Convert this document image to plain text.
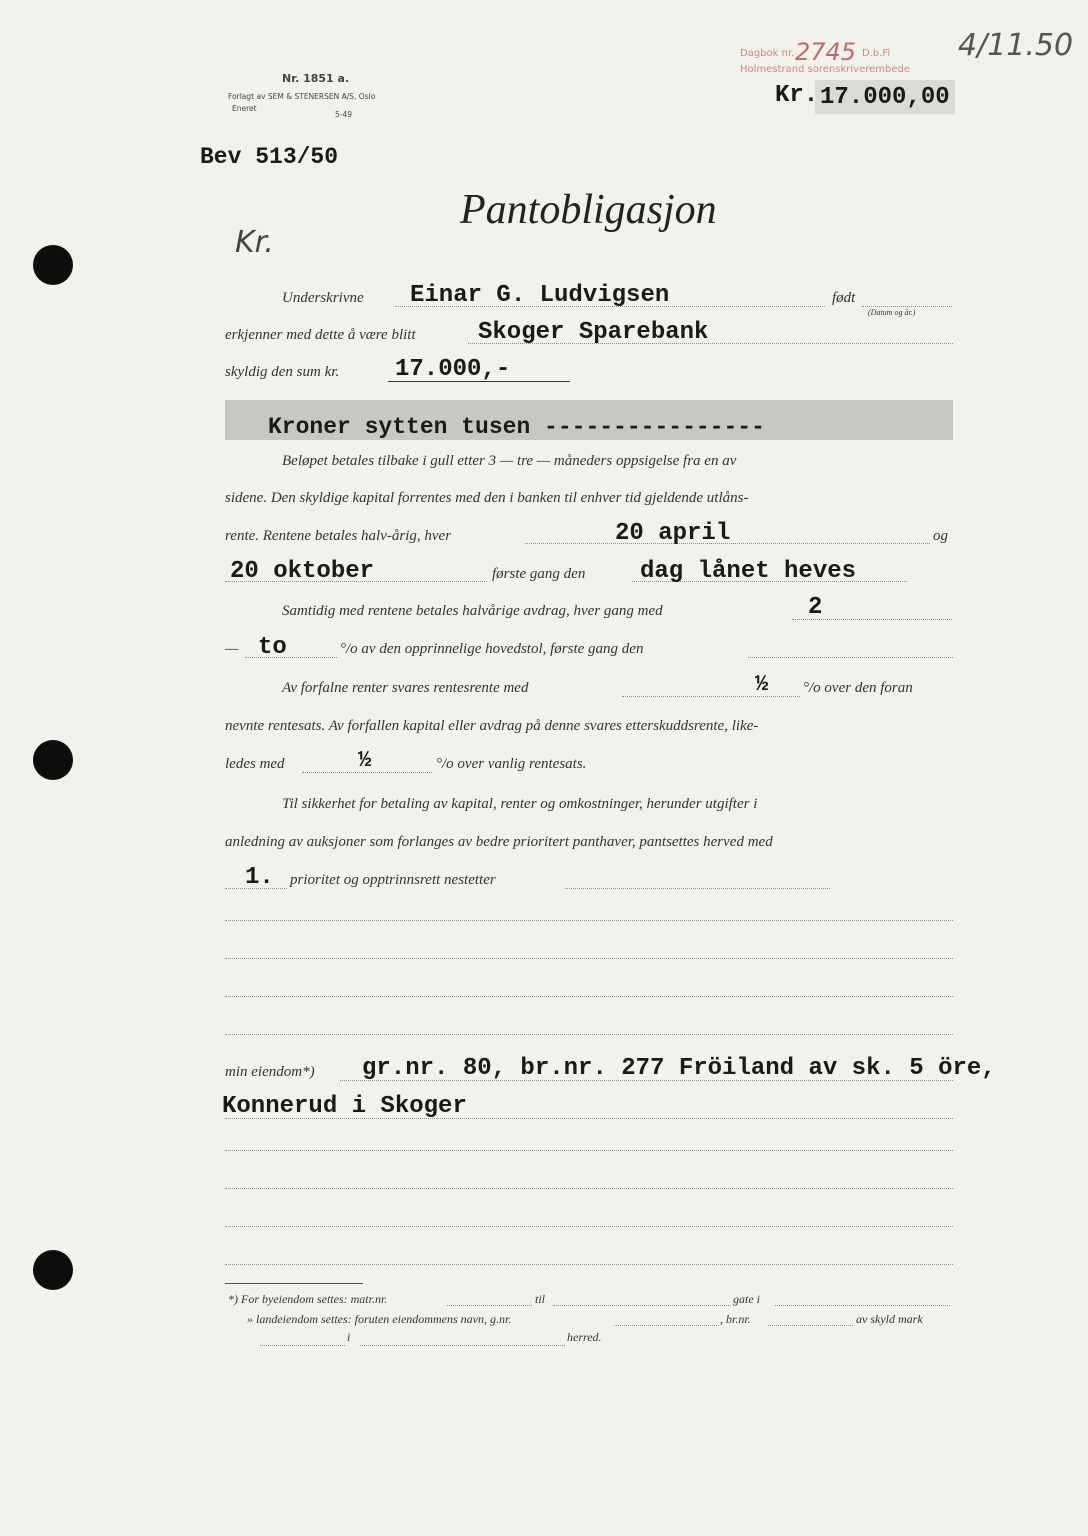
Nr. 1851 a.
Forlagt av SEM & STENERSEN A/S, Oslo
Eneret
5-49
Dagbok nr. 2745 D.b.Fi
Holmestrand sorenskriverembede
4/11.50
Kr. 17.000,00
Bev 513/50
Kr.
Pantobligasjon
Underskrivne Einar G. Ludvigsen	født
(Datum og år.)
erkjenner med dette å være blitt	Skoger Sparebank
skyldig den sum kr. 17.000,-
Kroner sytten tusen ----------------
Beløpet betales tilbake i gull etter 3 — tre — måneders oppsigelse fra en av
sidene. Den skyldige kapital forrentes med den i banken til enhver tid gjeldende utlåns-
rente. Rentene betales halv-årig, hver	20 april	og
20 oktober	første gang den dag lånet heves
Samtidig med rentene betales halvårige avdrag, hver gang med	2
— to	°/o av den opprinnelige hovedstol, første gang den
Av forfalne renter svares rentesrente med	½ °/o over den foran
nevnte rentesats. Av forfallen kapital eller avdrag på denne svares etterskuddsrente, like-
ledes med	½	°/o over vanlig rentesats.
Til sikkerhet for betaling av kapital, renter og omkostninger, herunder utgifter i
anledning av auksjoner som forlanges av bedre prioritert panthaver, pantsettes herved med
1. prioritet og opptrinnsrett nestetter
min eiendom*) gr.nr. 80, br.nr. 277 Fröiland av sk. 5 öre,
Konnerud i Skoger
*) For byeiendom settes: matr.nr.	til	gate i
» landeiendom settes: foruten eiendommens navn, g.nr.	, br.nr.	av skyld mark
i	herred.
